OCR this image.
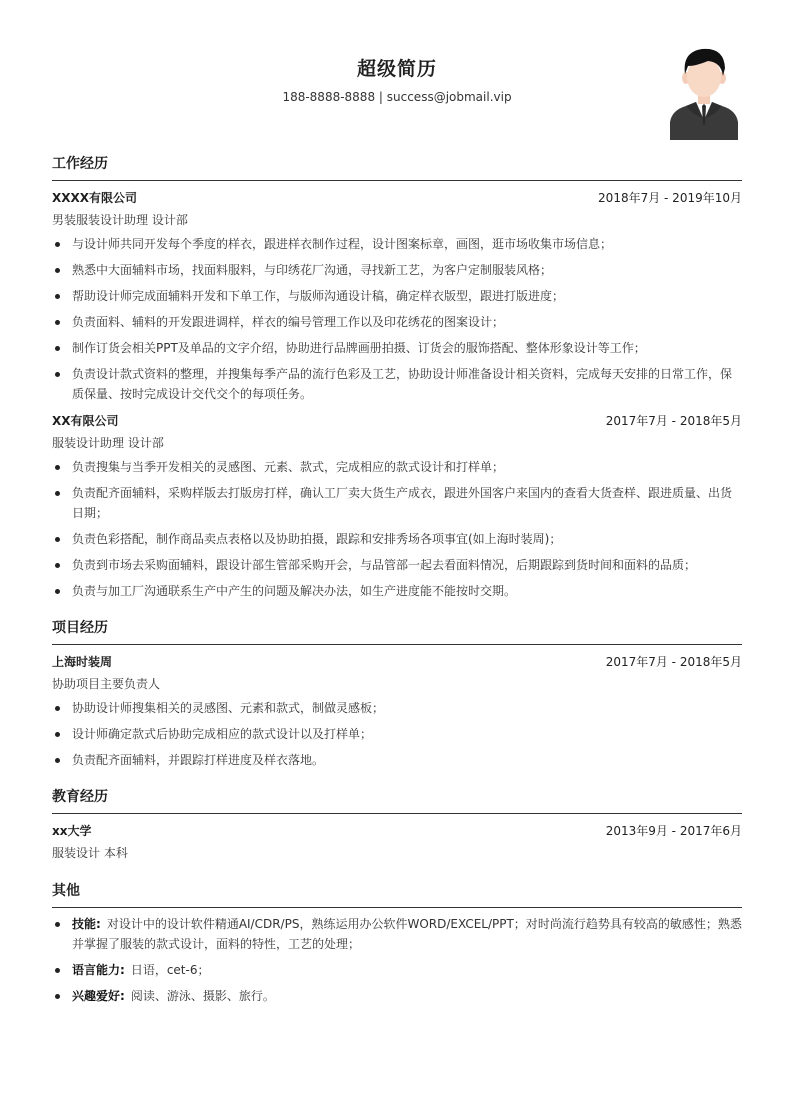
超级简历
188-8888-8888 | success@jobmail.vip
工作经历
XXXX有限公司	2018年7月 - 2019年10月
男装服装设计助理 设计部
与设计师共同开发每个季度的样衣，跟进样衣制作过程，设计图案标章，画图，逛市场收集市场信息；
熟悉中大面辅料市场，找面料服料，与印绣花厂沟通，寻找新工艺，为客户定制服装风格；
帮助设计师完成面辅料开发和下单工作，与版师沟通设计稿，确定样衣版型，跟进打版进度；
负责面料、辅料的开发跟进调样，样衣的编号管理工作以及印花绣花的图案设计；
制作订货会相关PPT及单品的文字介绍，协助进行品牌画册拍摄、订货会的服饰搭配、整体形象设计等工作；
负责设计款式资料的整理，并搜集每季产品的流行色彩及工艺，协助设计师准备设计相关资料，完成每天安排的日常工作，保质保量、按时完成设计交代交个的每项任务。
XX有限公司	2017年7月 - 2018年5月
服装设计助理 设计部
负责搜集与当季开发相关的灵感图、元素、款式，完成相应的款式设计和打样单；
负责配齐面辅料，采购样版去打版房打样，确认工厂卖大货生产成衣，跟进外国客户来国内的查看大货查样、跟进质量、出货日期；
负责色彩搭配，制作商品卖点表格以及协助拍摄，跟踪和安排秀场各项事宜(如上海时装周)；
负责到市场去采购面辅料，跟设计部生管部采购开会，与品管部一起去看面料情况，后期跟踪到货时间和面料的品质；
负责与加工厂沟通联系生产中产生的问题及解决办法，如生产进度能不能按时交期。
项目经历
上海时装周	2017年7月 - 2018年5月
协助项目主要负责人
协助设计师搜集相关的灵感图、元素和款式，制做灵感板；
设计师确定款式后协助完成相应的款式设计以及打样单；
负责配齐面辅料，并跟踪打样进度及样衣落地。
教育经历
xx大学	2013年9月 - 2017年6月
服装设计 本科
其他
技能: 对设计中的设计软件精通AI/CDR/PS，熟练运用办公软件WORD/EXCEL/PPT；对时尚流行趋势具有较高的敏感性；熟悉并掌握了服装的款式设计，面料的特性，工艺的处理；
语言能力: 日语，cet-6；
兴趣爱好: 阅读、游泳、摄影、旅行。
